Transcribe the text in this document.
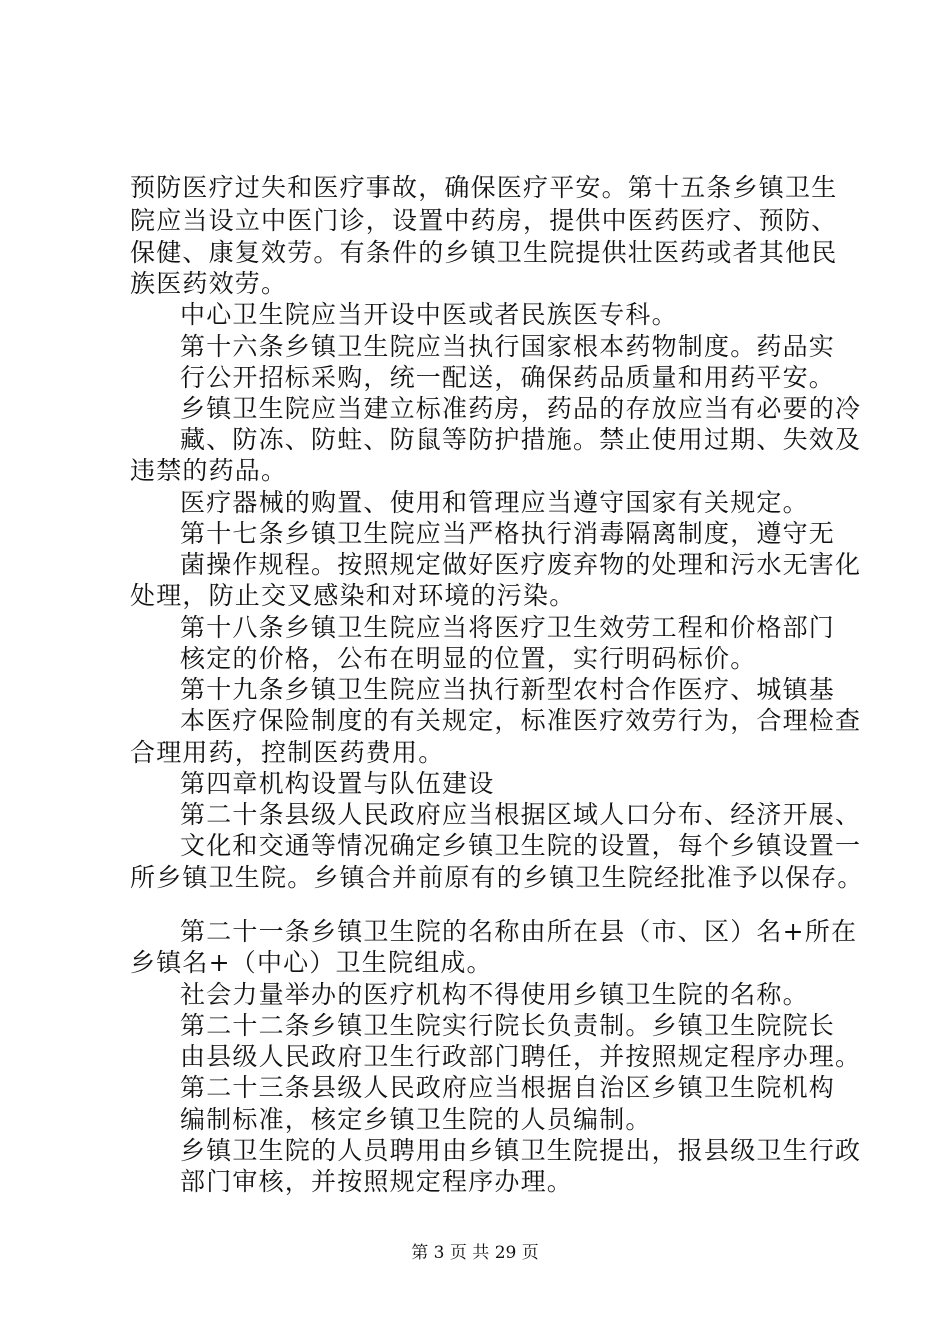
预防医疗过失和医疗事故，确保医疗平安。第十五条乡镇卫生
院应当设立中医门诊，设置中药房，提供中医药医疗、预防、
保健、康复效劳。有条件的乡镇卫生院提供壮医药或者其他民
族医药效劳。
中心卫生院应当开设中医或者民族医专科。
第十六条乡镇卫生院应当执行国家根本药物制度。药品实
行公开招标采购，统一配送，确保药品质量和用药平安。
乡镇卫生院应当建立标准药房，药品的存放应当有必要的冷
藏、防冻、防蛀、防鼠等防护措施。禁止使用过期、失效及
违禁的药品。
医疗器械的购置、使用和管理应当遵守国家有关规定。
第十七条乡镇卫生院应当严格执行消毒隔离制度，遵守无
菌操作规程。按照规定做好医疗废弃物的处理和污水无害化
处理，防止交叉感染和对环境的污染。
第十八条乡镇卫生院应当将医疗卫生效劳工程和价格部门
核定的价格，公布在明显的位置，实行明码标价。
第十九条乡镇卫生院应当执行新型农村合作医疗、城镇基
本医疗保险制度的有关规定，标准医疗效劳行为，合理检查
合理用药，控制医药费用。
第四章机构设置与队伍建设
第二十条县级人民政府应当根据区域人口分布、经济开展、
文化和交通等情况确定乡镇卫生院的设置，每个乡镇设置一
所乡镇卫生院。乡镇合并前原有的乡镇卫生院经批准予以保存。
第二十一条乡镇卫生院的名称由所在县（市、区）名+所在
乡镇名+（中心）卫生院组成。
社会力量举办的医疗机构不得使用乡镇卫生院的名称。
第二十二条乡镇卫生院实行院长负责制。乡镇卫生院院长
由县级人民政府卫生行政部门聘任，并按照规定程序办理。
第二十三条县级人民政府应当根据自治区乡镇卫生院机构
编制标准，核定乡镇卫生院的人员编制。
乡镇卫生院的人员聘用由乡镇卫生院提出，报县级卫生行政
部门审核，并按照规定程序办理。
第 3 页 共 29 页
